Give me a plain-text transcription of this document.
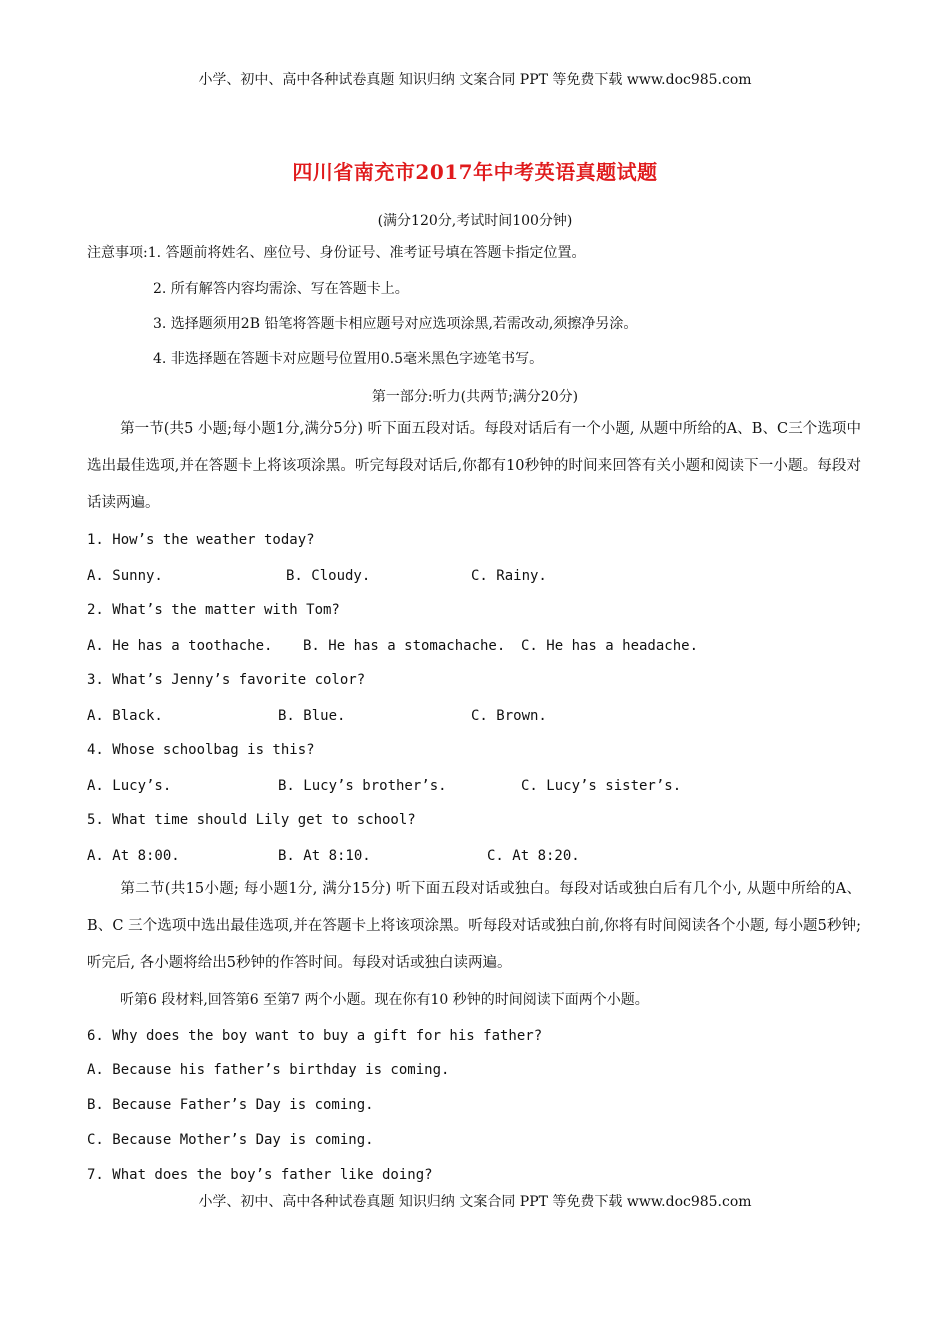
小学、初中、高中各种试卷真题 知识归纳 文案合同 PPT 等免费下载 www.doc985.com
四川省南充市2017年中考英语真题试题
(满分120分,考试时间100分钟)
注意事项:1. 答题前将姓名、座位号、身份证号、准考证号填在答题卡指定位置。
2. 所有解答内容均需涂、写在答题卡上。
3. 选择题须用2B 铅笔将答题卡相应题号对应选项涂黑,若需改动,须擦净另涂。
4. 非选择题在答题卡对应题号位置用0.5毫米黑色字迹笔书写。
第一部分:听力(共两节;满分20分)
第一节(共5 小题;每小题1分,满分5分) 听下面五段对话。每段对话后有一个小题, 从题中所给的A、B、C三个选项中选出最佳选项,并在答题卡上将该项涂黑。听完每段对话后,你都有10秒钟的时间来回答有关小题和阅读下一小题。每段对话读两遍。
1. How’s the weather today?
A. Sunny.	B. Cloudy.	C. Rainy.
2. What’s the matter with Tom?
A. He has a toothache. B. He has a stomachache. C. He has a headache.
3. What’s Jenny’s favorite color?
A. Black.	B. Blue.	C. Brown.
4. Whose schoolbag is this?
A. Lucy’s.	B. Lucy’s brother’s.	C. Lucy’s sister’s.
5. What time should Lily get to school?
A. At 8:00.	B. At 8:10.	C. At 8:20.
第二节(共15小题; 每小题1分, 满分15分) 听下面五段对话或独白。每段对话或独白后有几个小, 从题中所给的A、B、C 三个选项中选出最佳选项,并在答题卡上将该项涂黑。听每段对话或独白前,你将有时间阅读各个小题, 每小题5秒钟; 听完后, 各小题将给出5秒钟的作答时间。每段对话或独白读两遍。
听第6 段材料,回答第6 至第7 两个小题。现在你有10 秒钟的时间阅读下面两个小题。
6. Why does the boy want to buy a gift for his father?
A. Because his father’s birthday is coming.
B. Because Father’s Day is coming.
C. Because Mother’s Day is coming.
7. What does the boy’s father like doing?
小学、初中、高中各种试卷真题 知识归纳 文案合同 PPT 等免费下载 www.doc985.com
